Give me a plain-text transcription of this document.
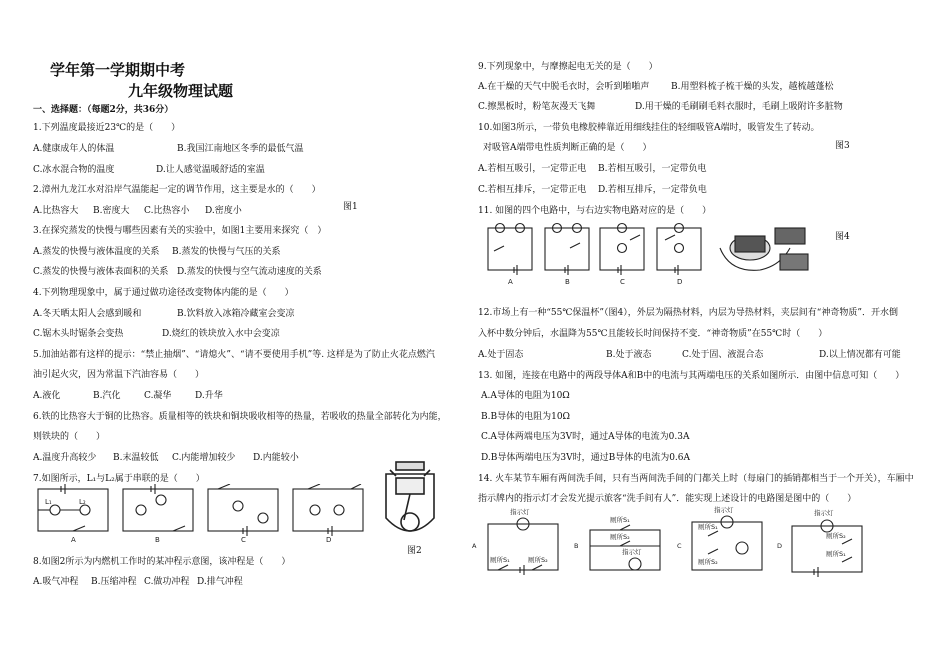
学年第一学期期中考
九年级物理试题
一、选择题：（每题2分，共36分）
1.下列温度最接近23℃的是（　　）
A.健康成年人的体温	B.我国江南地区冬季的最低气温
C.冰水混合物的温度	D.让人感觉温暖舒适的室温
2.漳州九龙江水对沿岸气温能起一定的调节作用，这主要是水的（　　）
A.比热容大 B.密度大 C.比热容小 D.密度小	图1
3.在探究蒸发的快慢与哪些因素有关的实验中，如图1主要用来探究（　）
A.蒸发的快慢与液体温度的关系 B.蒸发的快慢与气压的关系
C.蒸发的快慢与液体表面积的关系 D.蒸发的快慢与空气流动速度的关系
4.下列物理现象中，属于通过做功途径改变物体内能的是（　　）
A.冬天晒太阳人会感到暖和	B.饮料放入冰箱冷藏室会变凉
C.锯木头时锯条会变热	D.烧红的铁块放入水中会变凉
5.加油站都有这样的提示：“禁止抽烟”、“请熄火”、“请不要使用手机”等. 这样是为了防止火花点燃汽
油引起火灾，因为常温下汽油容易（　　）
A.液化	B.汽化	C.凝华	D.升华
6.铁的比热容大于铜的比热容。质量相等的铁块和铜块吸收相等的热量，若吸收的热量全部转化为内能，
则铁块的（　　）
A.温度升高较少 B.末温较低 C.内能增加较少 D.内能较小
7.如图所示，L₁与L₂属于串联的是（　　）
L₁	L₂
A	B	C	D
图2
8.如图2所示为内燃机工作时的某冲程示意图，该冲程是（　　）
A.吸气冲程 B.压缩冲程 C.做功冲程 D.排气冲程
9.下列现象中，与摩擦起电无关的是（　　）
A.在干燥的天气中脱毛衣时，会听到啪啪声 B.用塑料梳子梳干燥的头发，越梳越蓬松
C.擦黑板时，粉笔灰漫天飞舞	D.用干燥的毛刷刷毛料衣服时，毛刷上吸附许多脏物
10.如图3所示，一带负电橡胶棒靠近用细线挂住的轻细吸管A端时，吸管发生了转动。
对吸管A端带电性质判断正确的是（　　）	图3
A.若相互吸引，一定带正电 B.若相互吸引，一定带负电
C.若相互排斥，一定带正电 D.若相互排斥，一定带负电
11. 如图的四个电路中，与右边实物电路对应的是（　　）
图4
A	B	C	D
12.市场上有一种“55℃保温杯”（图4），外层为隔热材料，内层为导热材料，夹层间有“神奇物质”．开水倒
入杯中数分钟后，水温降为55℃且能较长时间保持不变．“神奇物质”在55℃时（　　）
A.处于固态	B.处于液态	C.处于固、液混合态	D.以上情况都有可能
13. 如图，连接在电路中的两段导体A和B中的电流与其两端电压的关系如图所示．由图中信息可知（　　）
A.A导体的电阻为10Ω
B.B导体的电阻为10Ω
C.A导体两端电压为3V时，通过A导体的电流为0.3A
D.B导体两端电压为3V时，通过B导体的电流为0.6A
14. 火车某节车厢有两间洗手间，只有当两间洗手间的门都关上时（每扇门的插销都相当于一个开关），车厢中
指示牌内的指示灯才会发光提示旅客“洗手间有人”．能实现上述设计的电路图是图中的（　　）
A	B	C	D
指示灯
厕所S₁	厕所S₂
厕所S₁
厕所S₂
指示灯
指示灯
厕所S₁
厕所S₂
指示灯
厕所S₂
厕所S₁
